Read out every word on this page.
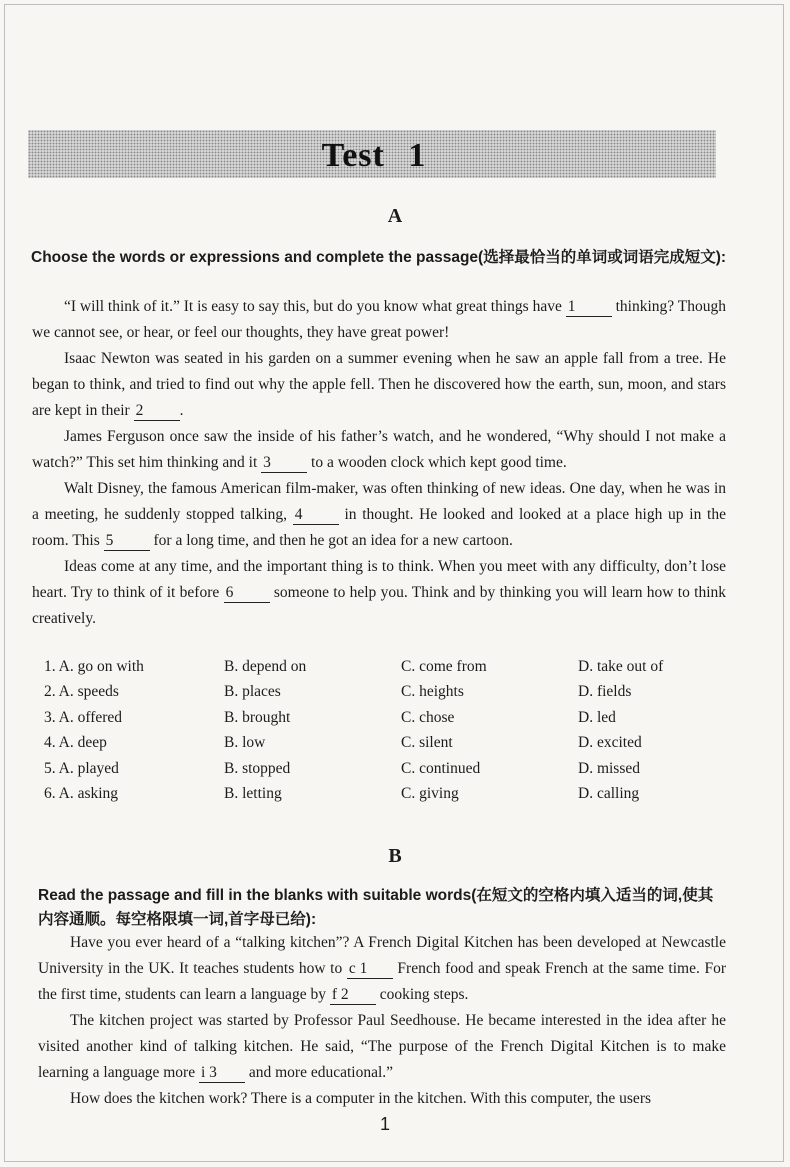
Test 1
A
Choose the words or expressions and complete the passage(选择最恰当的单词或词语完成短文):

“I will think of it.” It is easy to say this, but do you know what great things have 1 thinking? Though we cannot see, or hear, or feel our thoughts, they have great power!

Isaac Newton was seated in his garden on a summer evening when he saw an apple fall from a tree. He began to think, and tried to find out why the apple fell. Then he discovered how the earth, sun, moon, and stars are kept in their 2 .

James Ferguson once saw the inside of his father’s watch, and he wondered, “Why should I not make a watch?” This set him thinking and it 3 to a wooden clock which kept good time.

Walt Disney, the famous American film-maker, was often thinking of new ideas. One day, when he was in a meeting, he suddenly stopped talking, 4 in thought. He looked and looked at a place high up in the room. This 5 for a long time, and then he got an idea for a new cartoon.

Ideas come at any time, and the important thing is to think. When you meet with any difficulty, don’t lose heart. Try to think of it before 6 someone to help you. Think and by thinking you will learn how to think creatively.

1. A. go on with	B. depend on	C. come from	D. take out of
2. A. speeds	B. places	C. heights	D. fields
3. A. offered	B. brought	C. chose	D. led
4. A. deep	B. low	C. silent	D. excited
5. A. played	B. stopped	C. continued	D. missed
6. A. asking	B. letting	C. giving	D. calling
B
Read the passage and fill in the blanks with suitable words(在短文的空格内填入适当的词,使其内容通顺。每空格限填一词,首字母已给):

Have you ever heard of a “talking kitchen”? A French Digital Kitchen has been developed at Newcastle University in the UK. It teaches students how to c 1 French food and speak French at the same time. For the first time, students can learn a language by f 2 cooking steps.

The kitchen project was started by Professor Paul Seedhouse. He became interested in the idea after he visited another kind of talking kitchen. He said, “The purpose of the French Digital Kitchen is to make learning a language more i 3 and more educational.”

How does the kitchen work? There is a computer in the kitchen. With this computer, the users

1
